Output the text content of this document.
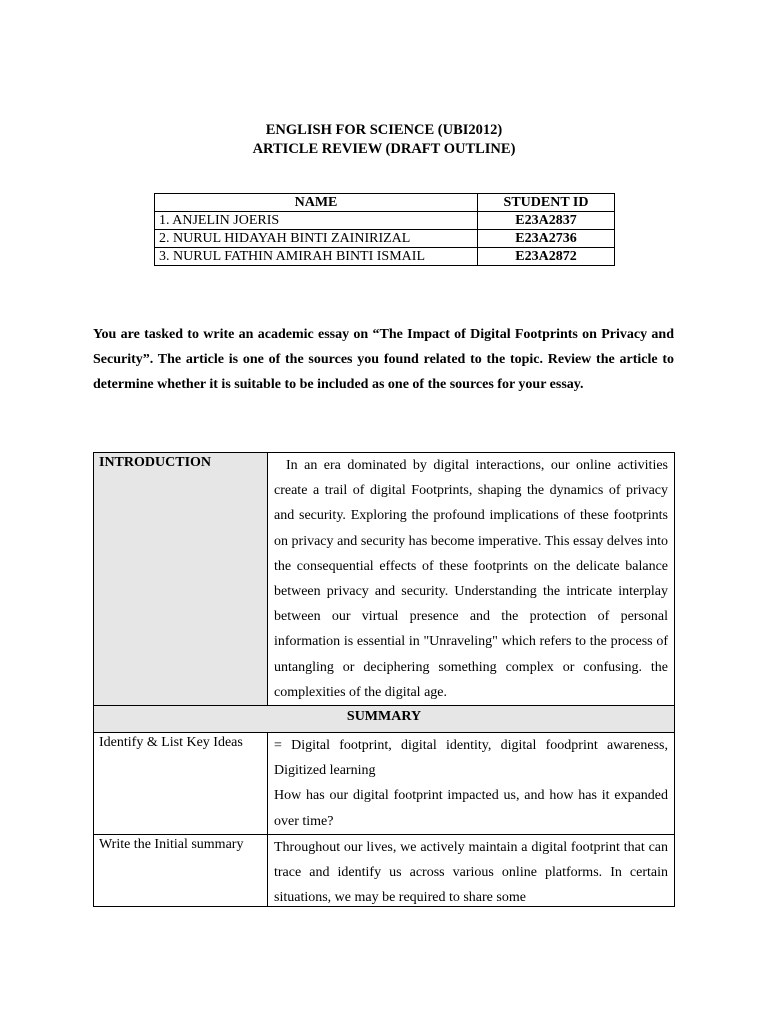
ENGLISH FOR SCIENCE (UBI2012)
ARTICLE REVIEW (DRAFT OUTLINE)
NAME	STUDENT ID
1. ANJELIN JOERIS	E23A2837
2. NURUL HIDAYAH BINTI ZAINIRIZAL	E23A2736
3. NURUL FATHIN AMIRAH BINTI ISMAIL	E23A2872
You are tasked to write an academic essay on “The Impact of Digital Footprints on Privacy and Security”. The article is one of the sources you found related to the topic. Review the article to determine whether it is suitable to be included as one of the sources for your essay.
INTRODUCTION	In an era dominated by digital interactions, our online activities create a trail of digital Footprints, shaping the dynamics of privacy and security. Exploring the profound implications of these footprints on privacy and security has become imperative. This essay delves into the consequential effects of these footprints on the delicate balance between privacy and security. Understanding the intricate interplay between our virtual presence and the protection of personal information is essential in "Unraveling" which refers to the process of untangling or deciphering something complex or confusing. the complexities of the digital age.

SUMMARY	
Identify & List Key Ideas	= Digital footprint, digital identity, digital foodprint awareness, Digitized learning
How has our digital footprint impacted us, and how has it expanded over time?

Write the Initial summary	Throughout our lives, we actively maintain a digital footprint that can trace and identify us across various online platforms. In certain situations, we may be required to share some
